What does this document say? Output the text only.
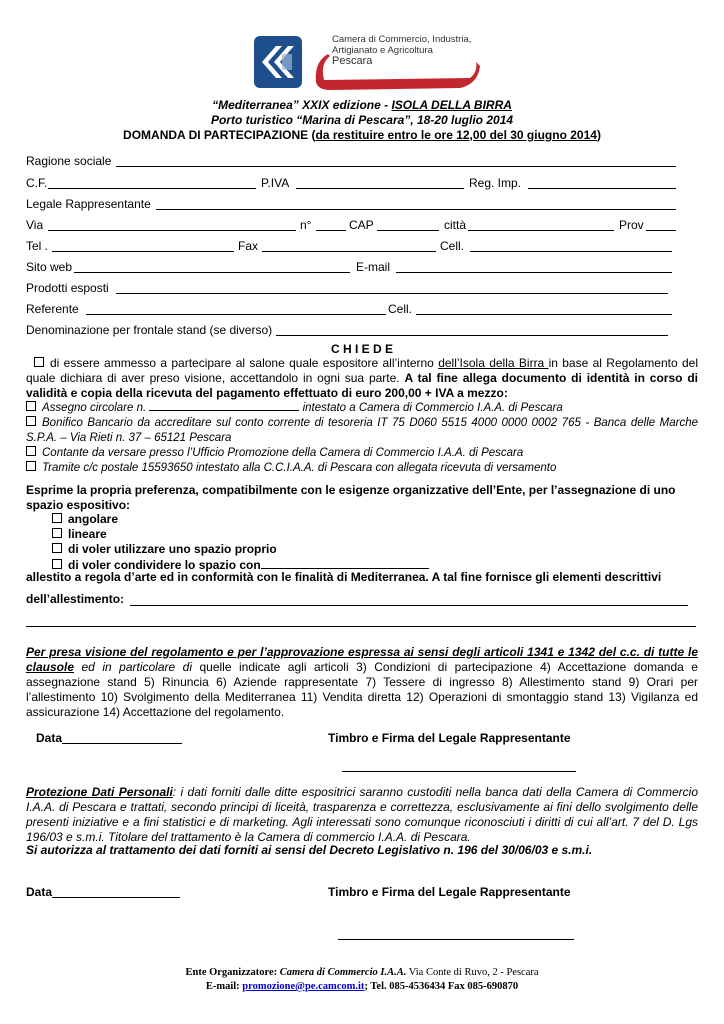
Camera di Commercio, Industria,
Artigianato e Agricoltura
Pescara
“Mediterranea” XXIX edizione - ISOLA DELLA BIRRA
Porto turistico “Marina di Pescara”, 18-20 luglio 2014
DOMANDA DI PARTECIPAZIONE (da restituire entro le ore 12,00 del 30 giugno 2014)
Ragione sociale
C.F.	P.IVA	Reg. Imp.
Legale Rappresentante
Via	n°	CAP	città	Prov
Tel .	Fax	Cell.
Sito web	E-mail
Prodotti esposti
Referente	Cell.
Denominazione per frontale stand (se diverso)
C H I E D E
di essere ammesso a partecipare al salone quale espositore all’interno dell’Isola della Birra in base al Regolamento del quale dichiara di aver preso visione, accettandolo in ogni sua parte. A tal fine allega documento di identità in corso di validità e copia della ricevuta del pagamento effettuato di euro 200,00 + IVA a mezzo:
Assegno circolare n.	intestato a Camera di Commercio I.A.A. di Pescara
Bonifico Bancario da accreditare sul conto corrente di tesoreria IT 75 D060 5515 4000 0000 0002 765 - Banca delle Marche S.P.A. – Via Rieti n. 37 – 65121 Pescara
Contante da versare presso l’Ufficio Promozione della Camera di Commercio I.A.A. di Pescara
Tramite c/c postale 15593650 intestato alla C.C.I.A.A. di Pescara con allegata ricevuta di versamento
Esprime la propria preferenza, compatibilmente con le esigenze organizzative dell’Ente, per l’assegnazione di uno spazio espositivo:
angolare
lineare
di voler utilizzare uno spazio proprio
di voler condividere lo spazio con
allestito a regola d’arte ed in conformità con le finalità di Mediterranea. A tal fine fornisce gli elementi descrittivi
dell’allestimento:
Per presa visione del regolamento e per l’approvazione espressa ai sensi degli articoli 1341 e 1342 del c.c. di tutte le clausole ed in particolare di quelle indicate agli articoli 3) Condizioni di partecipazione 4) Accettazione domanda e assegnazione stand 5) Rinuncia 6) Aziende rappresentate 7) Tessere di ingresso 8) Allestimento stand 9) Orari per l’allestimento 10) Svolgimento della Mediterranea 11) Vendita diretta 12) Operazioni di smontaggio stand 13) Vigilanza ed assicurazione 14) Accettazione del regolamento.
Data	Timbro e Firma del Legale Rappresentante
Protezione Dati Personali: i dati forniti dalle ditte espositrici saranno custoditi nella banca dati della Camera di Commercio I.A.A. di Pescara e trattati, secondo principi di liceità, trasparenza e correttezza, esclusivamente ai fini dello svolgimento delle presenti iniziative e a fini statistici e di marketing. Agli interessati sono comunque riconosciuti i diritti di cui all’art. 7 del D. Lgs 196/03 e s.m.i. Titolare del trattamento è la Camera di commercio I.A.A. di Pescara.
Si autorizza al trattamento dei dati forniti ai sensi del Decreto Legislativo n. 196 del 30/06/03 e s.m.i.
Data	Timbro e Firma del Legale Rappresentante
Ente Organizzatore: Camera di Commercio I.A.A. Via Conte di Ruvo, 2 - Pescara
E-mail: promozione@pe.camcom.it; Tel. 085-4536434 Fax 085-690870
